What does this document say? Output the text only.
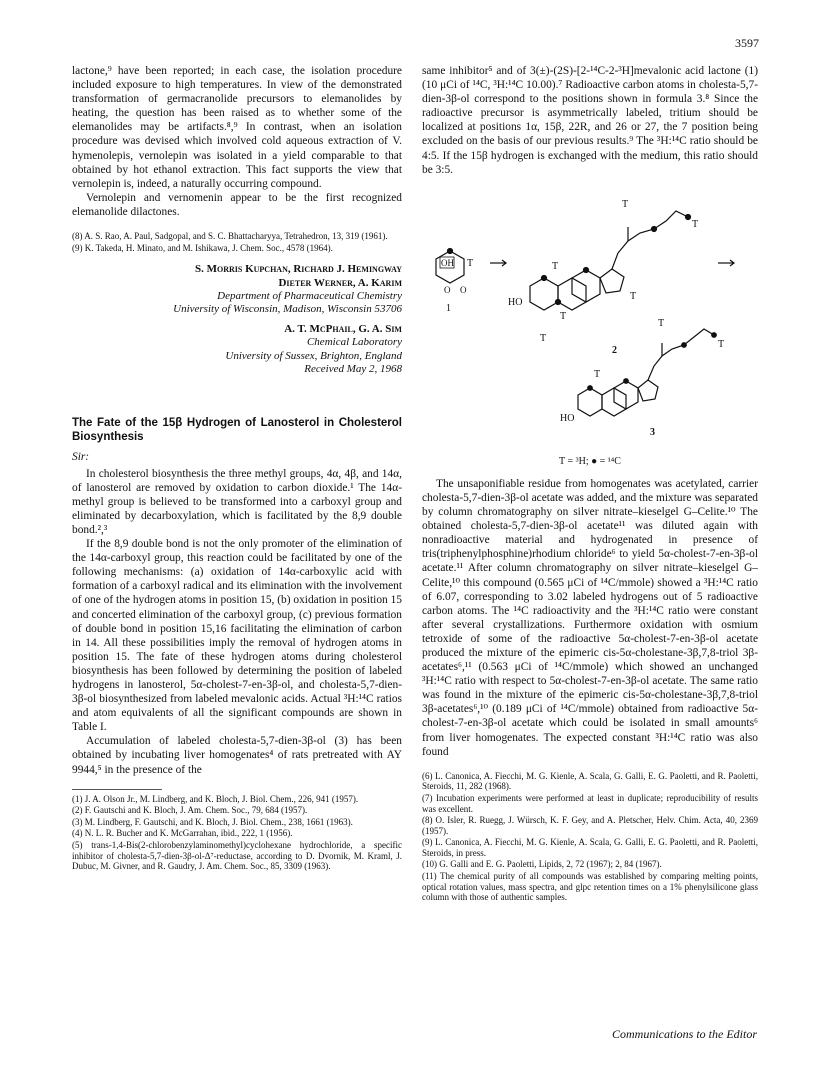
3597

lactone,⁹ have been reported; in each case, the isolation procedure included exposure to high temperatures. In view of the demonstrated transformation of germacranolide precursors to elemanolides by heating, the question has been raised as to whether some of the elemanolides may be artifacts.⁸,⁹ In contrast, when an isolation procedure was devised which involved cold aqueous extraction of V. hymenolepis, vernolepin was isolated in a yield comparable to that obtained by hot ethanol extraction. This fact supports the view that vernolepin is, indeed, a naturally occurring compound.

Vernolepin and vernomenin appear to be the first recognized elemanolide dilactones.

(8) A. S. Rao, A. Paul, Sadgopal, and S. C. Bhattacharyya, Tetrahedron, 13, 319 (1961).

(9) K. Takeda, H. Minato, and M. Ishikawa, J. Chem. Soc., 4578 (1964).

S. Morris Kupchan, Richard J. Hemingway
Dieter Werner, A. Karim
Department of Pharmaceutical Chemistry
University of Wisconsin, Madison, Wisconsin 53706
A. T. McPhail, G. A. Sim
Chemical Laboratory
University of Sussex, Brighton, England
Received May 2, 1968
The Fate of the 15β Hydrogen of Lanosterol in Cholesterol Biosynthesis
Sir:

In cholesterol biosynthesis the three methyl groups, 4α, 4β, and 14α, of lanosterol are removed by oxidation to carbon dioxide.¹ The 14α-methyl group is believed to be transformed into a carboxyl group and eliminated by decarboxylation, which is facilitated by the 8,9 double bond.²,³

If the 8,9 double bond is not the only promoter of the elimination of the 14α-carboxyl group, this reaction could be facilitated by one of the following mechanisms: (a) oxidation of 14α-carboxylic acid with formation of a carboxyl radical and its elimination with the involvement of one of the hydrogen atoms in position 15, (b) oxidation in position 15 and concerted elimination of the carboxyl group, (c) previous formation of double bond in position 15,16 facilitating the elimination of carbon in 14. All these possibilities imply the removal of hydrogen atoms in position 15. The fate of these hydrogen atoms during cholesterol biosynthesis has been followed by determining the position of labeled hydrogens in lanosterol, 5α-cholest-7-en-3β-ol, and cholesta-5,7-dien-3β-ol biosynthesized from labeled mevalonic acids. Actual ³H:¹⁴C ratios and atom equivalents of all the significant compounds are shown in Table I.

Accumulation of labeled cholesta-5,7-dien-3β-ol (3) has been obtained by incubating liver homogenates⁴ of rats pretreated with AY 9944,⁵ in the presence of the

(1) J. A. Olson Jr., M. Lindberg, and K. Bloch, J. Biol. Chem., 226, 941 (1957).

(2) F. Gautschi and K. Bloch, J. Am. Chem. Soc., 79, 684 (1957).

(3) M. Lindberg, F. Gautschi, and K. Bloch, J. Biol. Chem., 238, 1661 (1963).

(4) N. L. R. Bucher and K. McGarrahan, ibid., 222, 1 (1956).

(5) trans-1,4-Bis(2-chlorobenzylaminomethyl)cyclohexane hydrochloride, a specific inhibitor of cholesta-5,7-dien-3β-ol-Δ⁷-reductase, according to D. Dvornik, M. Kraml, J. Dubuc, M. Givner, and R. Gaudry, J. Am. Chem. Soc., 85, 3309 (1963).

same inhibitor⁵ and of 3(±)-(2S)-[2-¹⁴C-2-³H]mevalonic acid lactone (1) (10 μCi of ¹⁴C, ³H:¹⁴C 10.00).⁷ Radioactive carbon atoms in cholesta-5,7-dien-3β-ol correspond to the positions shown in formula 3.⁸ Since the radioactive precursor is asymmetrically labeled, tritium should be localized at positions 1α, 15β, 22R, and 26 or 27, the 7 position being excluded on the basis of our previous results.⁹ The ³H:¹⁴C ratio should be 4:5. If the 15β hydrogen is exchanged with the medium, this ratio should be 3:5.

OH T
O O
1
T
T
T
T
T
T
HO
2
T
T
T
HO
3
T = ³H; ● = ¹⁴C

The unsaponifiable residue from homogenates was acetylated, carrier cholesta-5,7-dien-3β-ol acetate was added, and the mixture was separated by column chromatography on silver nitrate–kieselgel G–Celite.¹⁰ The obtained cholesta-5,7-dien-3β-ol acetate¹¹ was diluted again with nonradioactive material and hydrogenated in presence of tris(triphenylphosphine)rhodium chloride⁶ to yield 5α-cholest-7-en-3β-ol acetate.¹¹ After column chromatography on silver nitrate–kieselgel G–Celite,¹⁰ this compound (0.565 μCi of ¹⁴C/mmole) showed a ³H:¹⁴C ratio of 6.07, corresponding to 3.02 labeled hydrogens out of 5 radioactive carbon atoms. The ¹⁴C radioactivity and the ³H:¹⁴C ratio were constant after several crystallizations. Furthermore oxidation with osmium tetroxide of some of the radioactive 5α-cholest-7-en-3β-ol acetate produced the mixture of the epimeric cis-5α-cholestane-3β,7,8-triol 3β-acetates⁶,¹¹ (0.563 μCi of ¹⁴C/mmole) which showed an unchanged ³H:¹⁴C ratio with respect to 5α-cholest-7-en-3β-ol acetate. The same ratio was found in the mixture of the epimeric cis-5α-cholestane-3β,7,8-triol 3β-acetates⁶,¹⁰ (0.189 μCi of ¹⁴C/mmole) obtained from radioactive 5α-cholest-7-en-3β-ol acetate which could be isolated in small amounts⁶ from liver homogenates. The expected constant ³H:¹⁴C ratio was also found

(6) L. Canonica, A. Fiecchi, M. G. Kienle, A. Scala, G. Galli, E. G. Paoletti, and R. Paoletti, Steroids, 11, 282 (1968).

(7) Incubation experiments were performed at least in duplicate; reproducibility of results was excellent.

(8) O. Isler, R. Ruegg, J. Würsch, K. F. Gey, and A. Pletscher, Helv. Chim. Acta, 40, 2369 (1957).

(9) L. Canonica, A. Fiecchi, M. G. Kienle, A. Scala, G. Galli, E. G. Paoletti, and R. Paoletti, Steroids, in press.

(10) G. Galli and E. G. Paoletti, Lipids, 2, 72 (1967); 2, 84 (1967).

(11) The chemical purity of all compounds was established by comparing melting points, optical rotation values, mass spectra, and glpc retention times on a 1% phenylsilicone glass column with those of authentic samples.

Communications to the Editor
